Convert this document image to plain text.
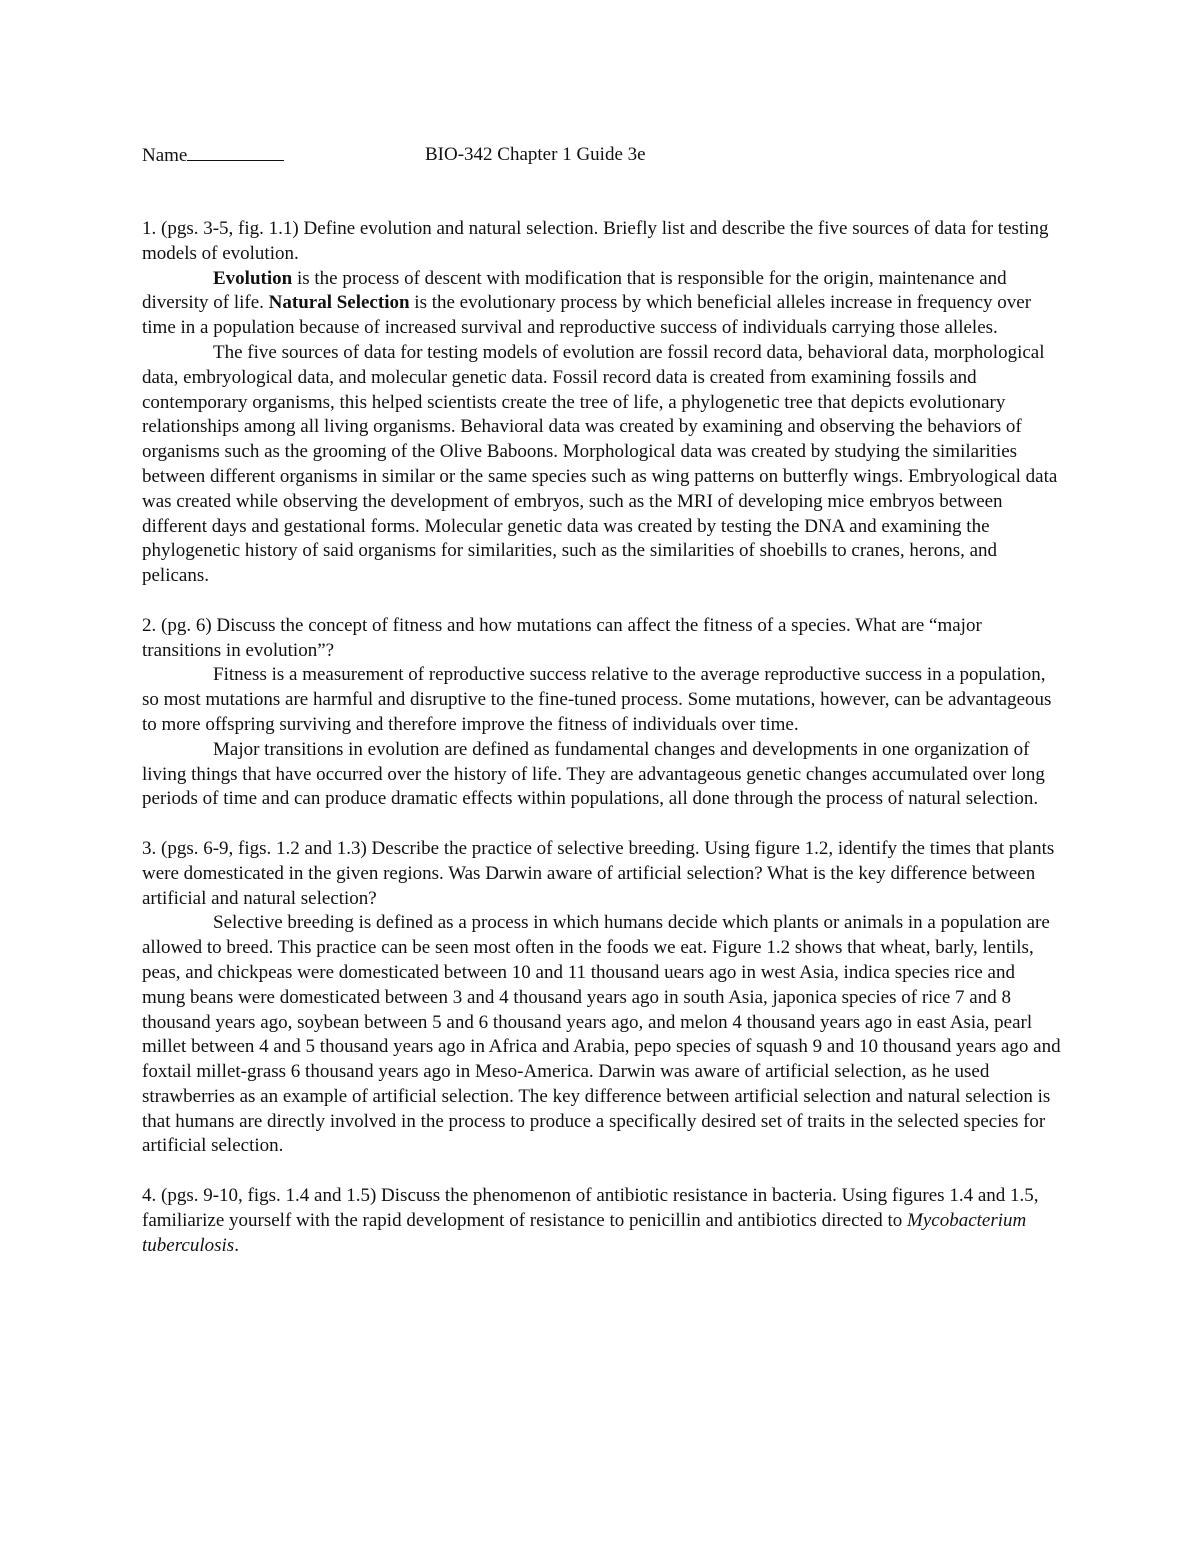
Name	BIO-342 Chapter 1 Guide 3e

1. (pgs. 3-5, fig. 1.1) Define evolution and natural selection. Briefly list and describe the five sources of data for testing models of evolution.

Evolution is the process of descent with modification that is responsible for the origin, maintenance and diversity of life. Natural Selection is the evolutionary process by which beneficial alleles increase in frequency over time in a population because of increased survival and reproductive success of individuals carrying those alleles.

The five sources of data for testing models of evolution are fossil record data, behavioral data, morphological data, embryological data, and molecular genetic data. Fossil record data is created from examining fossils and contemporary organisms, this helped scientists create the tree of life, a phylogenetic tree that depicts evolutionary relationships among all living organisms. Behavioral data was created by examining and observing the behaviors of organisms such as the grooming of the Olive Baboons. Morphological data was created by studying the similarities between different organisms in similar or the same species such as wing patterns on butterfly wings. Embryological data was created while observing the development of embryos, such as the MRI of developing mice embryos between different days and gestational forms. Molecular genetic data was created by testing the DNA and examining the phylogenetic history of said organisms for similarities, such as the similarities of shoebills to cranes, herons, and pelicans.

2. (pg. 6) Discuss the concept of fitness and how mutations can affect the fitness of a species. What are “major transitions in evolution”?

Fitness is a measurement of reproductive success relative to the average reproductive success in a population, so most mutations are harmful and disruptive to the fine-tuned process. Some mutations, however, can be advantageous to more offspring surviving and therefore improve the fitness of individuals over time.

Major transitions in evolution are defined as fundamental changes and developments in one organization of living things that have occurred over the history of life. They are advantageous genetic changes accumulated over long periods of time and can produce dramatic effects within populations, all done through the process of natural selection.

3. (pgs. 6-9, figs. 1.2 and 1.3) Describe the practice of selective breeding. Using figure 1.2, identify the times that plants were domesticated in the given regions. Was Darwin aware of artificial selection? What is the key difference between artificial and natural selection?

Selective breeding is defined as a process in which humans decide which plants or animals in a population are allowed to breed. This practice can be seen most often in the foods we eat. Figure 1.2 shows that wheat, barly, lentils, peas, and chickpeas were domesticated between 10 and 11 thousand uears ago in west Asia, indica species rice and mung beans were domesticated between 3 and 4 thousand years ago in south Asia, japonica species of rice 7 and 8 thousand years ago, soybean between 5 and 6 thousand years ago, and melon 4 thousand years ago in east Asia, pearl millet between 4 and 5 thousand years ago in Africa and Arabia, pepo species of squash 9 and 10 thousand years ago and foxtail millet-grass 6 thousand years ago in Meso-America. Darwin was aware of artificial selection, as he used strawberries as an example of artificial selection. The key difference between artificial selection and natural selection is that humans are directly involved in the process to produce a specifically desired set of traits in the selected species for artificial selection.

4. (pgs. 9-10, figs. 1.4 and 1.5) Discuss the phenomenon of antibiotic resistance in bacteria. Using figures 1.4 and 1.5, familiarize yourself with the rapid development of resistance to penicillin and antibiotics directed to Mycobacterium tuberculosis.
